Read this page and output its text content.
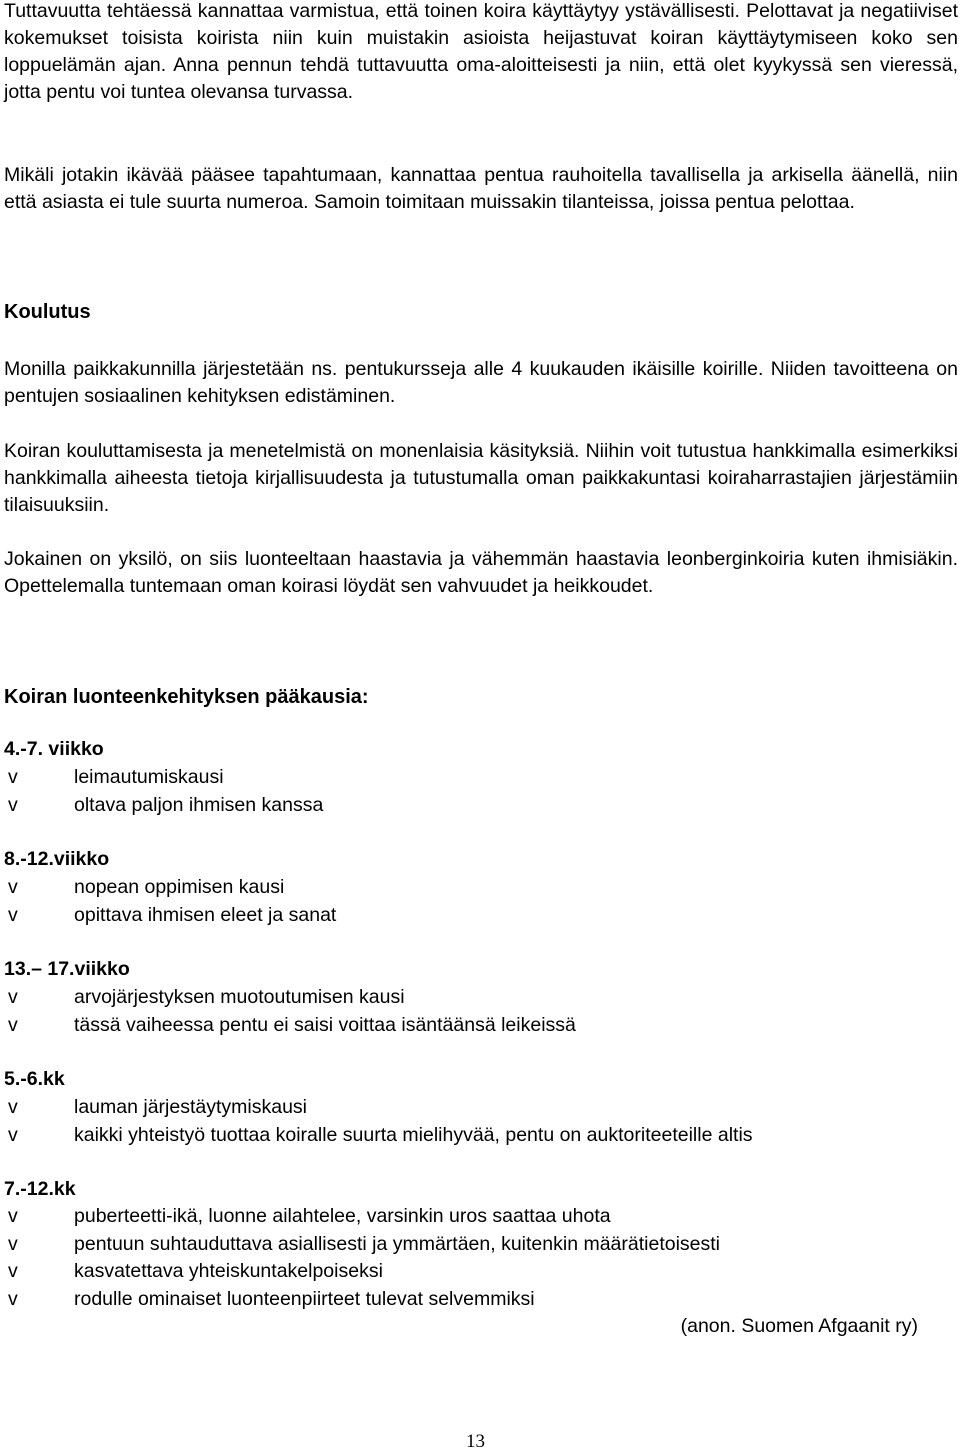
Tuttavuutta tehtäessä kannattaa varmistua, että toinen koira käyttäytyy ystävällisesti. Pelottavat ja negatiiviset kokemukset toisista koirista niin kuin muistakin asioista heijastuvat koiran käyttäytymiseen koko sen loppuelämän ajan. Anna pennun tehdä tuttavuutta oma-aloitteisesti ja niin, että olet kyykyssä sen vieressä, jotta pentu voi tuntea olevansa turvassa.

Mikäli jotakin ikävää pääsee tapahtumaan, kannattaa pentua rauhoitella tavallisella ja arkisella äänellä, niin että asiasta ei tule suurta numeroa. Samoin toimitaan muissakin tilanteissa, joissa pentua pelottaa.

Koulutus

Monilla paikkakunnilla järjestetään ns. pentukursseja alle 4 kuukauden ikäisille koirille. Niiden tavoitteena on pentujen sosiaalinen kehityksen edistäminen.

Koiran kouluttamisesta ja menetelmistä on monenlaisia käsityksiä. Niihin voit tutustua hankkimalla esimerkiksi hankkimalla aiheesta tietoja kirjallisuudesta ja tutustumalla oman paikkakuntasi koiraharrastajien järjestämiin tilaisuuksiin.

Jokainen on yksilö, on siis luonteeltaan haastavia ja vähemmän haastavia leonberginkoiria kuten ihmisiäkin. Opettelemalla tuntemaan oman koirasi löydät sen vahvuudet ja heikkoudet.

Koiran luonteenkehityksen pääkausia:
4.-7. viikko
v	leimautumiskausi
v	oltava paljon ihmisen kanssa
8.-12.viikko
v	nopean oppimisen kausi
v	opittava ihmisen eleet ja sanat
13.– 17.viikko
v	arvojärjestyksen muotoutumisen kausi
v	tässä vaiheessa pentu ei saisi voittaa isäntäänsä leikeissä
5.-6.kk
v	lauman järjestäytymiskausi
v	kaikki yhteistyö tuottaa koiralle suurta mielihyvää, pentu on auktoriteeteille altis
7.-12.kk
v	puberteetti-ikä, luonne ailahtelee, varsinkin uros saattaa uhota
v	pentuun suhtauduttava asiallisesti ja ymmärtäen, kuitenkin määrätietoisesti
v	kasvatettava yhteiskuntakelpoiseksi
v	rodulle ominaiset luonteenpiirteet tulevat selvemmiksi

(anon. Suomen Afgaanit ry)

13
